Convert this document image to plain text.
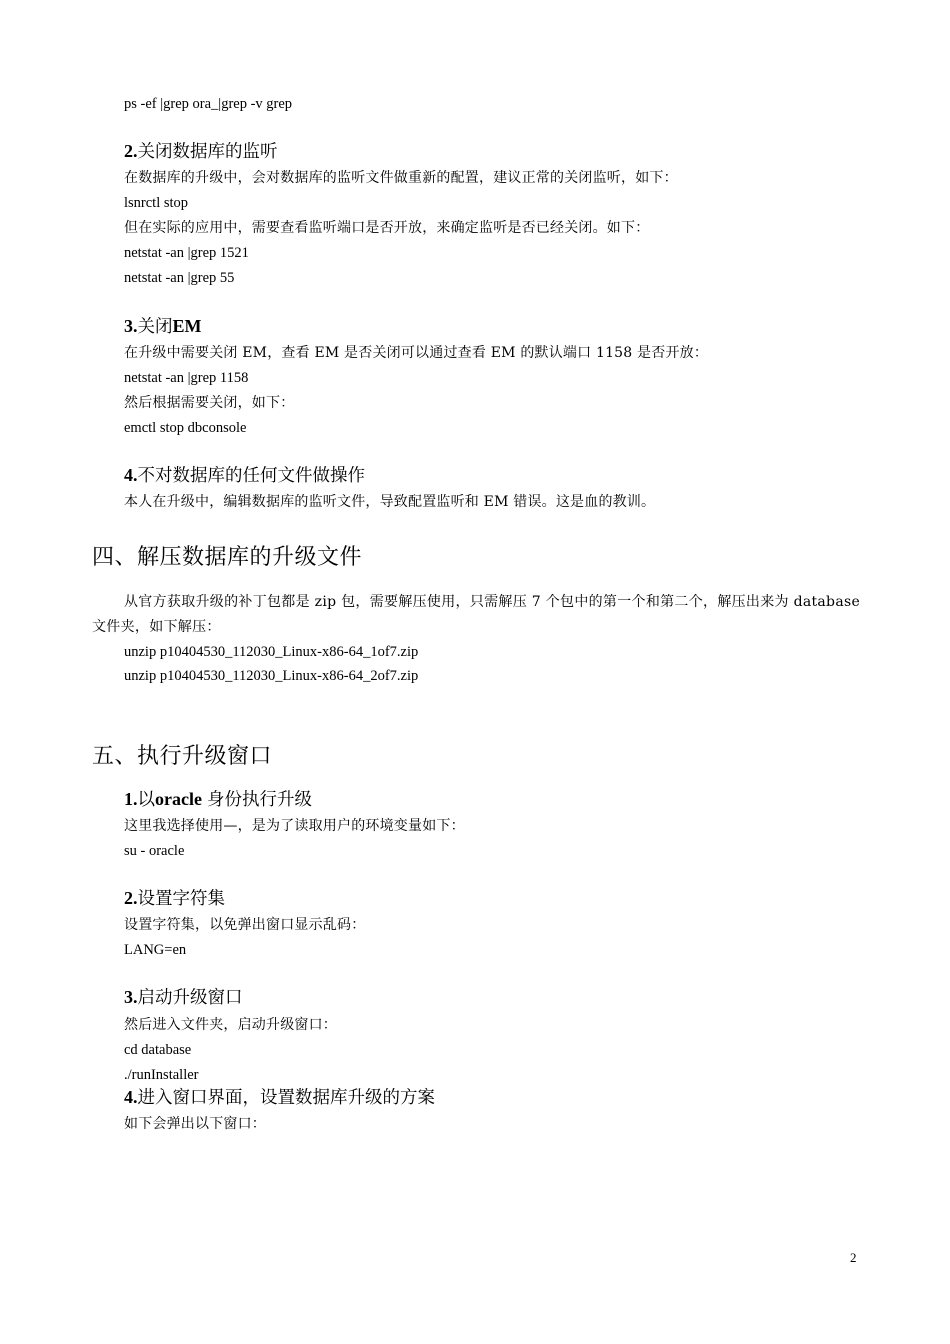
ps -ef |grep ora_|grep -v grep
2.关闭数据库的监听
在数据库的升级中，会对数据库的监听文件做重新的配置，建议正常的关闭监听，如下：
lsnrctl stop
但在实际的应用中，需要查看监听端口是否开放，来确定监听是否已经关闭。如下：
netstat -an |grep 1521
netstat -an |grep 55
3.关闭EM
在升级中需要关闭 EM，查看 EM 是否关闭可以通过查看 EM 的默认端口 1158 是否开放：
netstat -an |grep 1158
然后根据需要关闭，如下：
emctl stop dbconsole
4.不对数据库的任何文件做操作
本人在升级中，编辑数据库的监听文件，导致配置监听和 EM 错误。这是血的教训。
四、解压数据库的升级文件
从官方获取升级的补丁包都是 zip 包，需要解压使用，只需解压 7 个包中的第一个和第二个，解压出来为 database 文件夹，如下解压：
unzip p10404530_112030_Linux-x86-64_1of7.zip
unzip p10404530_112030_Linux-x86-64_2of7.zip
五、执行升级窗口
1.以oracle 身份执行升级
这里我选择使用—，是为了读取用户的环境变量如下：
su - oracle
2.设置字符集
设置字符集，以免弹出窗口显示乱码：
LANG=en
3.启动升级窗口
然后进入文件夹，启动升级窗口：
cd database
./runInstaller
4.进入窗口界面，设置数据库升级的方案
如下会弹出以下窗口：
2
